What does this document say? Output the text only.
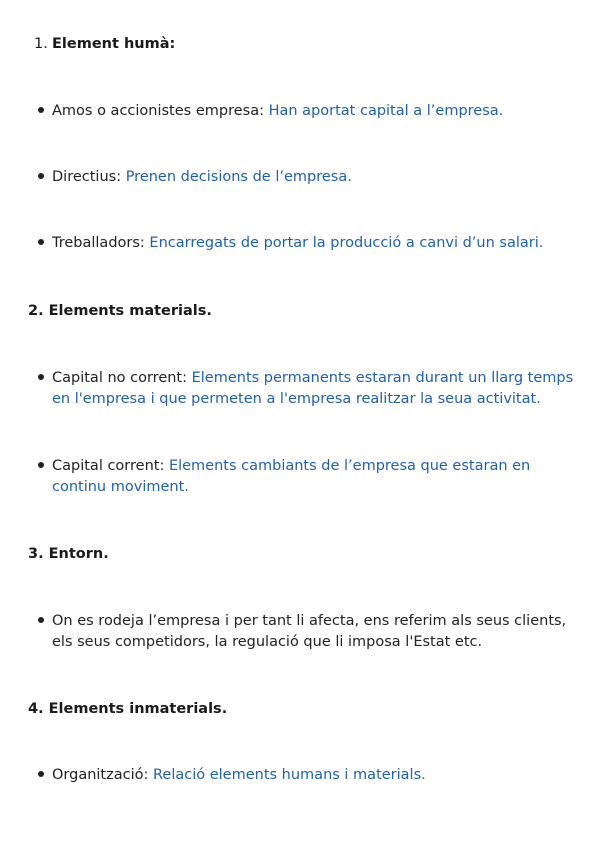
1. Element humà:
Amos o accionistes empresa: Han aportat capital a l’empresa.
Directius: Prenen decisions de l’empresa.
Treballadors: Encarregats de portar la producció a canvi d’un salari.
2. Elements materials.
Capital no corrent: Elements permanents estaran durant un llarg temps en l'empresa i que permeten a l'empresa realitzar la seua activitat.
Capital corrent: Elements cambiants de l’empresa que estaran en continu moviment.
3. Entorn.
On es rodeja l’empresa i per tant li afecta, ens referim als seus clients, els seus competidors, la regulació que li imposa l'Estat etc.
4. Elements inmaterials.
Organització: Relació elements humans i materials.
